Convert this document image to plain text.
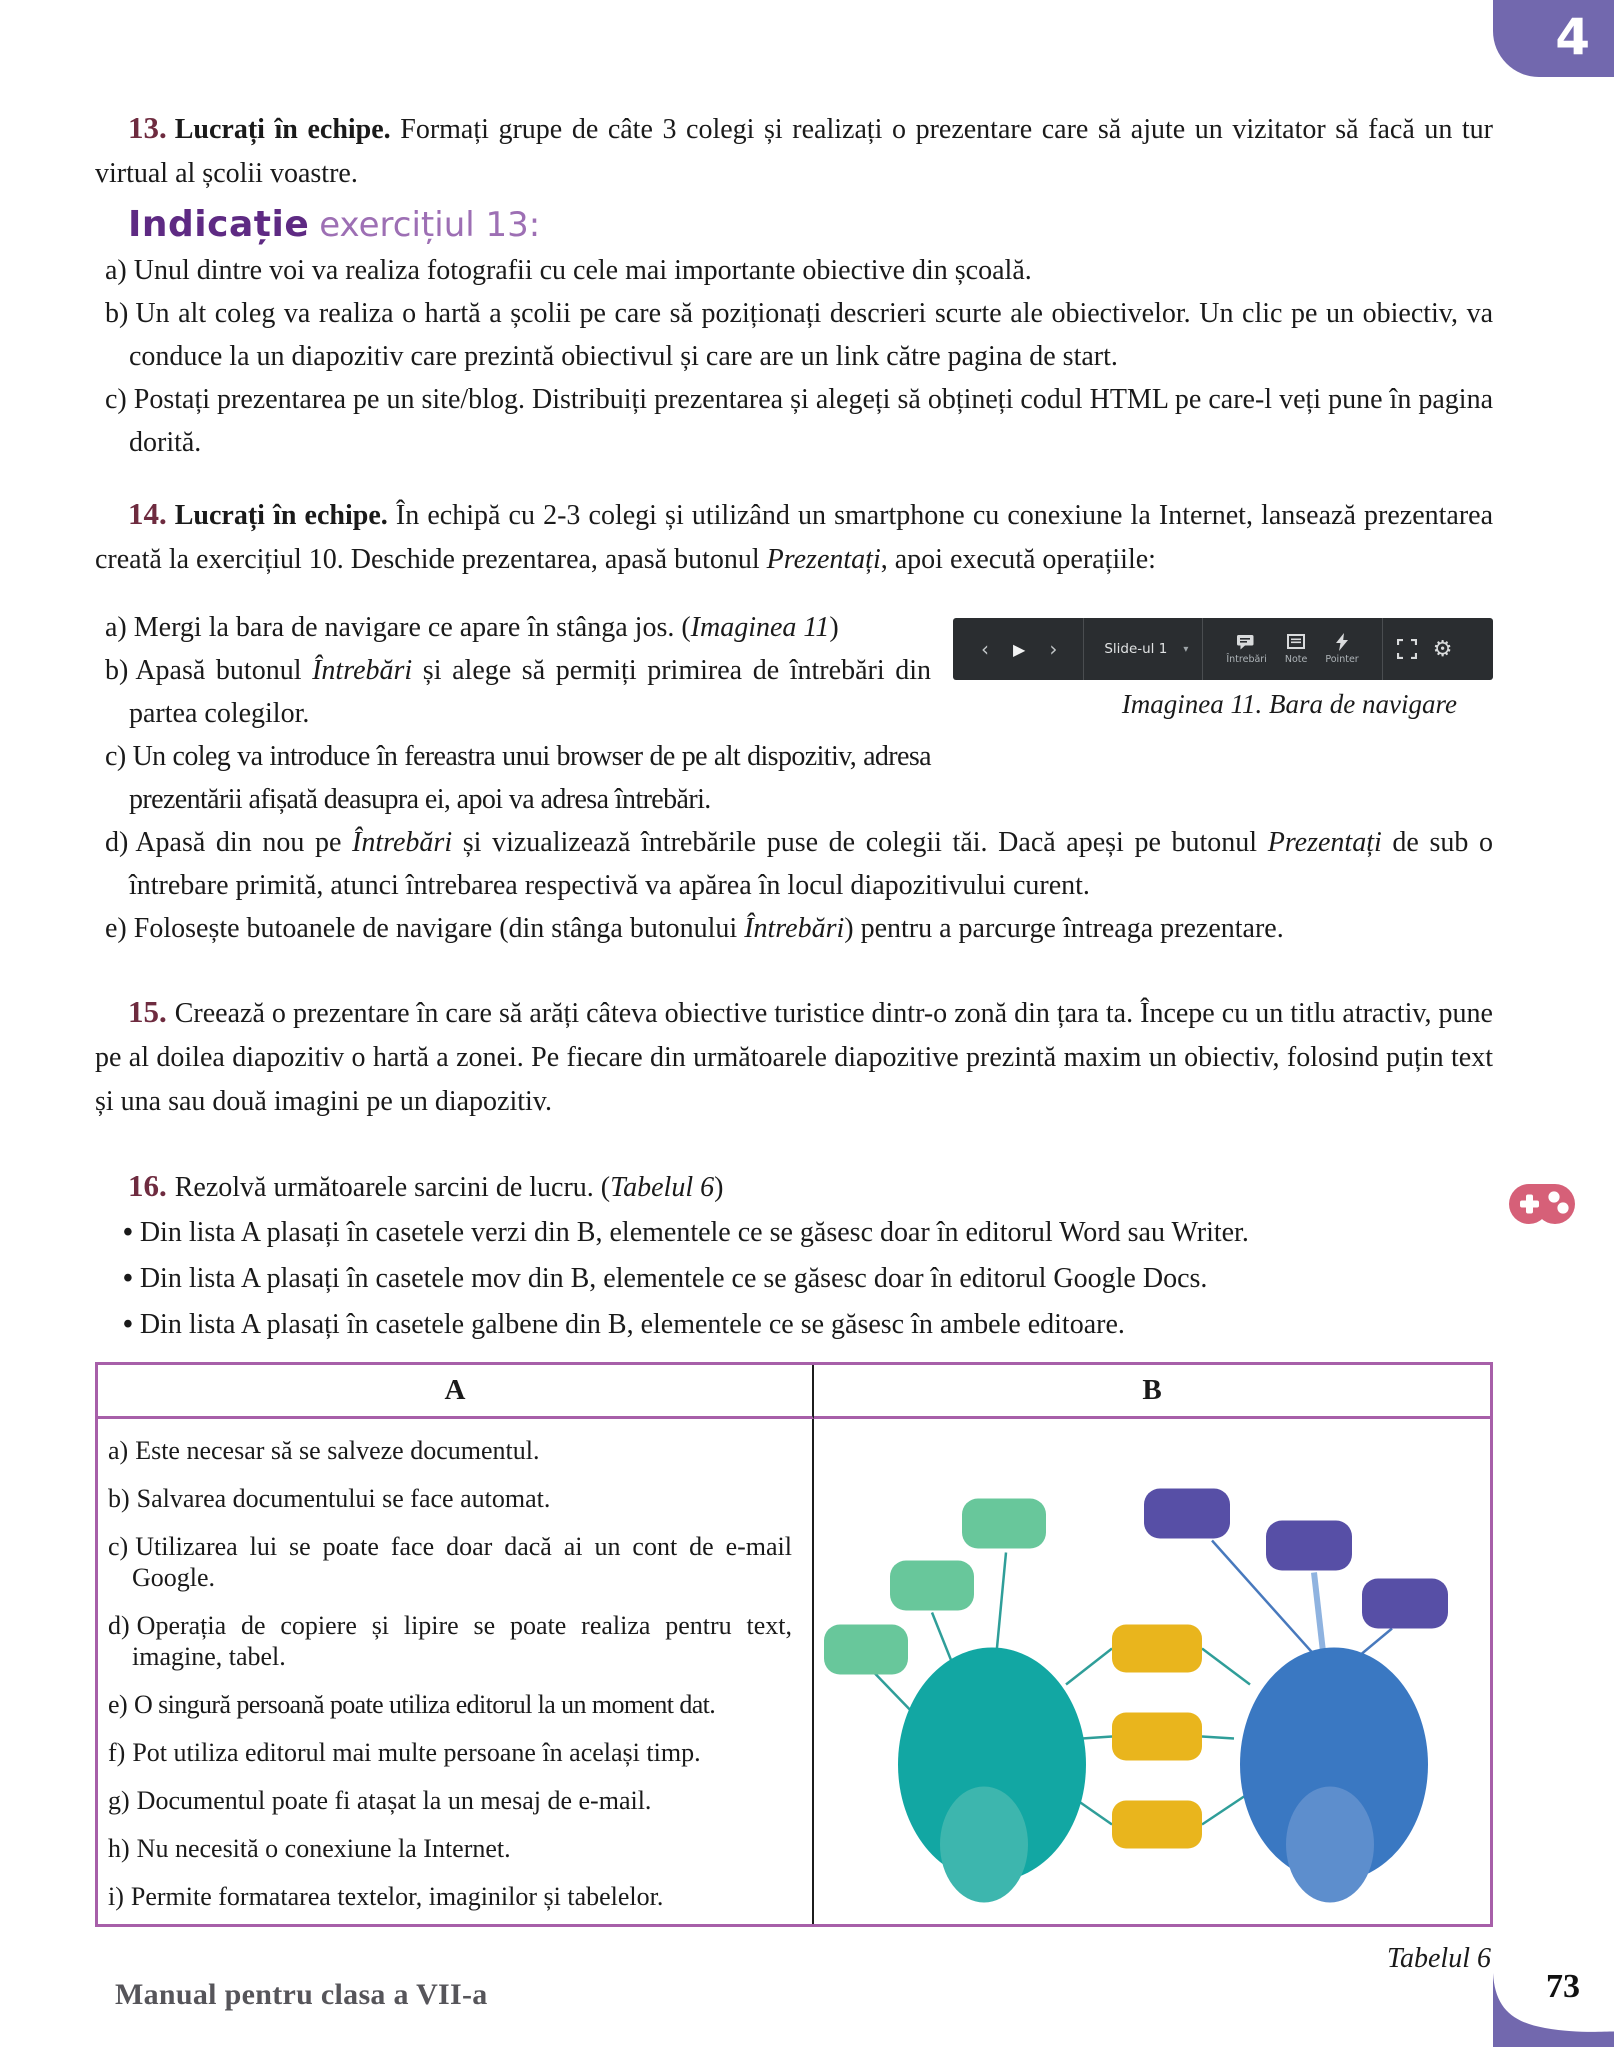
4

13. Lucrați în echipe. Formați grupe de câte 3 colegi și realizați o prezentare care să ajute un vizitator să facă un tur virtual al școlii voastre.

Indicație exercițiul 13:
a) Unul dintre voi va realiza fotografii cu cele mai importante obiective din școală.
b) Un alt coleg va realiza o hartă a școlii pe care să poziționați descrieri scurte ale obiectivelor. Un clic pe un obiectiv, va conduce la un diapozitiv care prezintă obiectivul și care are un link către pagina de start.
c) Postați prezentarea pe un site/blog. Distribuiți prezentarea și alegeți să obțineți codul HTML pe care-l veți pune în pagina dorită.

14. Lucrați în echipe. În echipă cu 2-3 colegi și utilizând un smartphone cu conexiune la Internet, lansează prezentarea creată la exercițiul 10. Deschide prezentarea, apasă butonul Prezentați, apoi execută operațiile:

‹	▶	›	Slide-ul 1 ▾
Întrebări Note Pointer	⚙
Imaginea 11. Bara de navigare
a) Mergi la bara de navigare ce apare în stânga jos. (Imaginea 11)
b) Apasă butonul Întrebări și alege să permiți primirea de întrebări din partea colegilor.
c) Un coleg va introduce în fereastra unui browser de pe alt dispozitiv, adresa prezentării afișată deasupra ei, apoi va adresa întrebări.
d) Apasă din nou pe Întrebări și vizualizează întrebările puse de colegii tăi. Dacă apeși pe butonul Prezentați de sub o întrebare primită, atunci întrebarea respectivă va apărea în locul diapozitivului curent.
e) Folosește butoanele de navigare (din stânga butonului Întrebări) pentru a parcurge întreaga prezentare.

15. Creează o prezentare în care să arăți câteva obiective turistice dintr-o zonă din țara ta. Începe cu un titlu atractiv, pune pe al doilea diapozitiv o hartă a zonei. Pe fiecare din următoarele diapozitive prezintă maxim un obiectiv, folosind puțin text și una sau două imagini pe un diapozitiv.

16. Rezolvă următoarele sarcini de lucru. (Tabelul 6)

• Din lista A plasați în casetele verzi din B, elementele ce se găsesc doar în editorul Word sau Writer.
• Din lista A plasați în casetele mov din B, elementele ce se găsesc doar în editorul Google Docs.
• Din lista A plasați în casetele galbene din B, elementele ce se găsesc în ambele editoare.
A	B
a) Este necesar să se salveze documentul.
b) Salvarea documentului se face automat.
c) Utilizarea lui se poate face doar dacă ai un cont de e-mail Google.
d) Operația de copiere și lipire se poate realiza pentru text, imagine, tabel.
e) O singură persoană poate utiliza editorul la un moment dat.
f) Pot utiliza editorul mai multe persoane în același timp.
g) Documentul poate fi atașat la un mesaj de e-mail.
h) Nu necesită o conexiune la Internet.
i) Permite formatarea textelor, imaginilor și tabelelor.
Tabelul 6
Manual pentru clasa a VII-a	73
